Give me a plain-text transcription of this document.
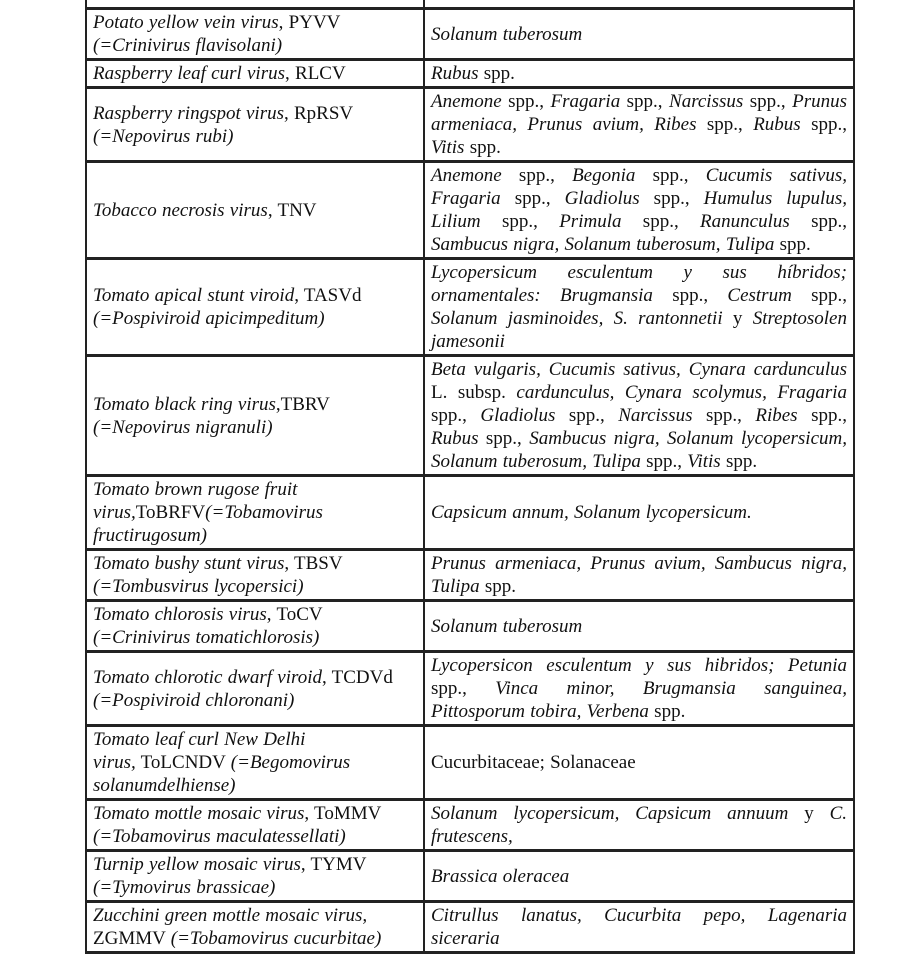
Potato yellow vein virus, PYVV
(=Crinivirus flavisolani)	Solanum tuberosum
Raspberry leaf curl virus, RLCV	Rubus spp.
Raspberry ringspot virus, RpRSV
(=Nepovirus rubi)	Anemone spp., Fragaria spp., Narcissus spp., Prunus armeniaca, Prunus avium, Ribes spp., Rubus spp., Vitis spp.
Tobacco necrosis virus, TNV	Anemone spp., Begonia spp., Cucumis sativus, Fragaria spp., Gladiolus spp., Humulus lupulus, Lilium spp., Primula spp., Ranunculus spp., Sambucus nigra, Solanum tuberosum, Tulipa spp.
Tomato apical stunt viroid, TASVd
(=Pospiviroid apicimpeditum)	Lycopersicum esculentum y sus híbridos; ornamentales: Brugmansia spp., Cestrum spp., Solanum jasminoides, S. rantonnetii y Streptosolen jamesonii
Tomato black ring virus,TBRV
(=Nepovirus nigranuli)	Beta vulgaris, Cucumis sativus, Cynara cardunculus L. subsp. cardunculus, Cynara scolymus, Fragaria spp., Gladiolus spp., Narcissus spp., Ribes spp., Rubus spp., Sambucus nigra, Solanum lycopersicum, Solanum tuberosum, Tulipa spp., Vitis spp.
Tomato brown rugose fruit
virus,ToBRFV(=Tobamovirus
fructirugosum)	Capsicum annum, Solanum lycopersicum.
Tomato bushy stunt virus, TBSV
(=Tombusvirus lycopersici)	Prunus armeniaca, Prunus avium, Sambucus nigra, Tulipa spp.
Tomato chlorosis virus, ToCV
(=Crinivirus tomatichlorosis)	Solanum tuberosum
Tomato chlorotic dwarf viroid, TCDVd
(=Pospiviroid chloronani)	Lycopersicon esculentum y sus hibridos; Petunia spp., Vinca minor, Brugmansia sanguinea, Pittosporum tobira, Verbena spp.
Tomato leaf curl New Delhi
virus, ToLCNDV (=Begomovirus
solanumdelhiense)	Cucurbitaceae; Solanaceae
Tomato mottle mosaic virus, ToMMV
(=Tobamovirus maculatessellati)	Solanum lycopersicum, Capsicum annuum y C. frutescens,
Turnip yellow mosaic virus, TYMV
(=Tymovirus brassicae)	Brassica oleracea
Zucchini green mottle mosaic virus,
ZGMMV (=Tobamovirus cucurbitae)	Citrullus lanatus, Cucurbita pepo, Lagenaria siceraria
